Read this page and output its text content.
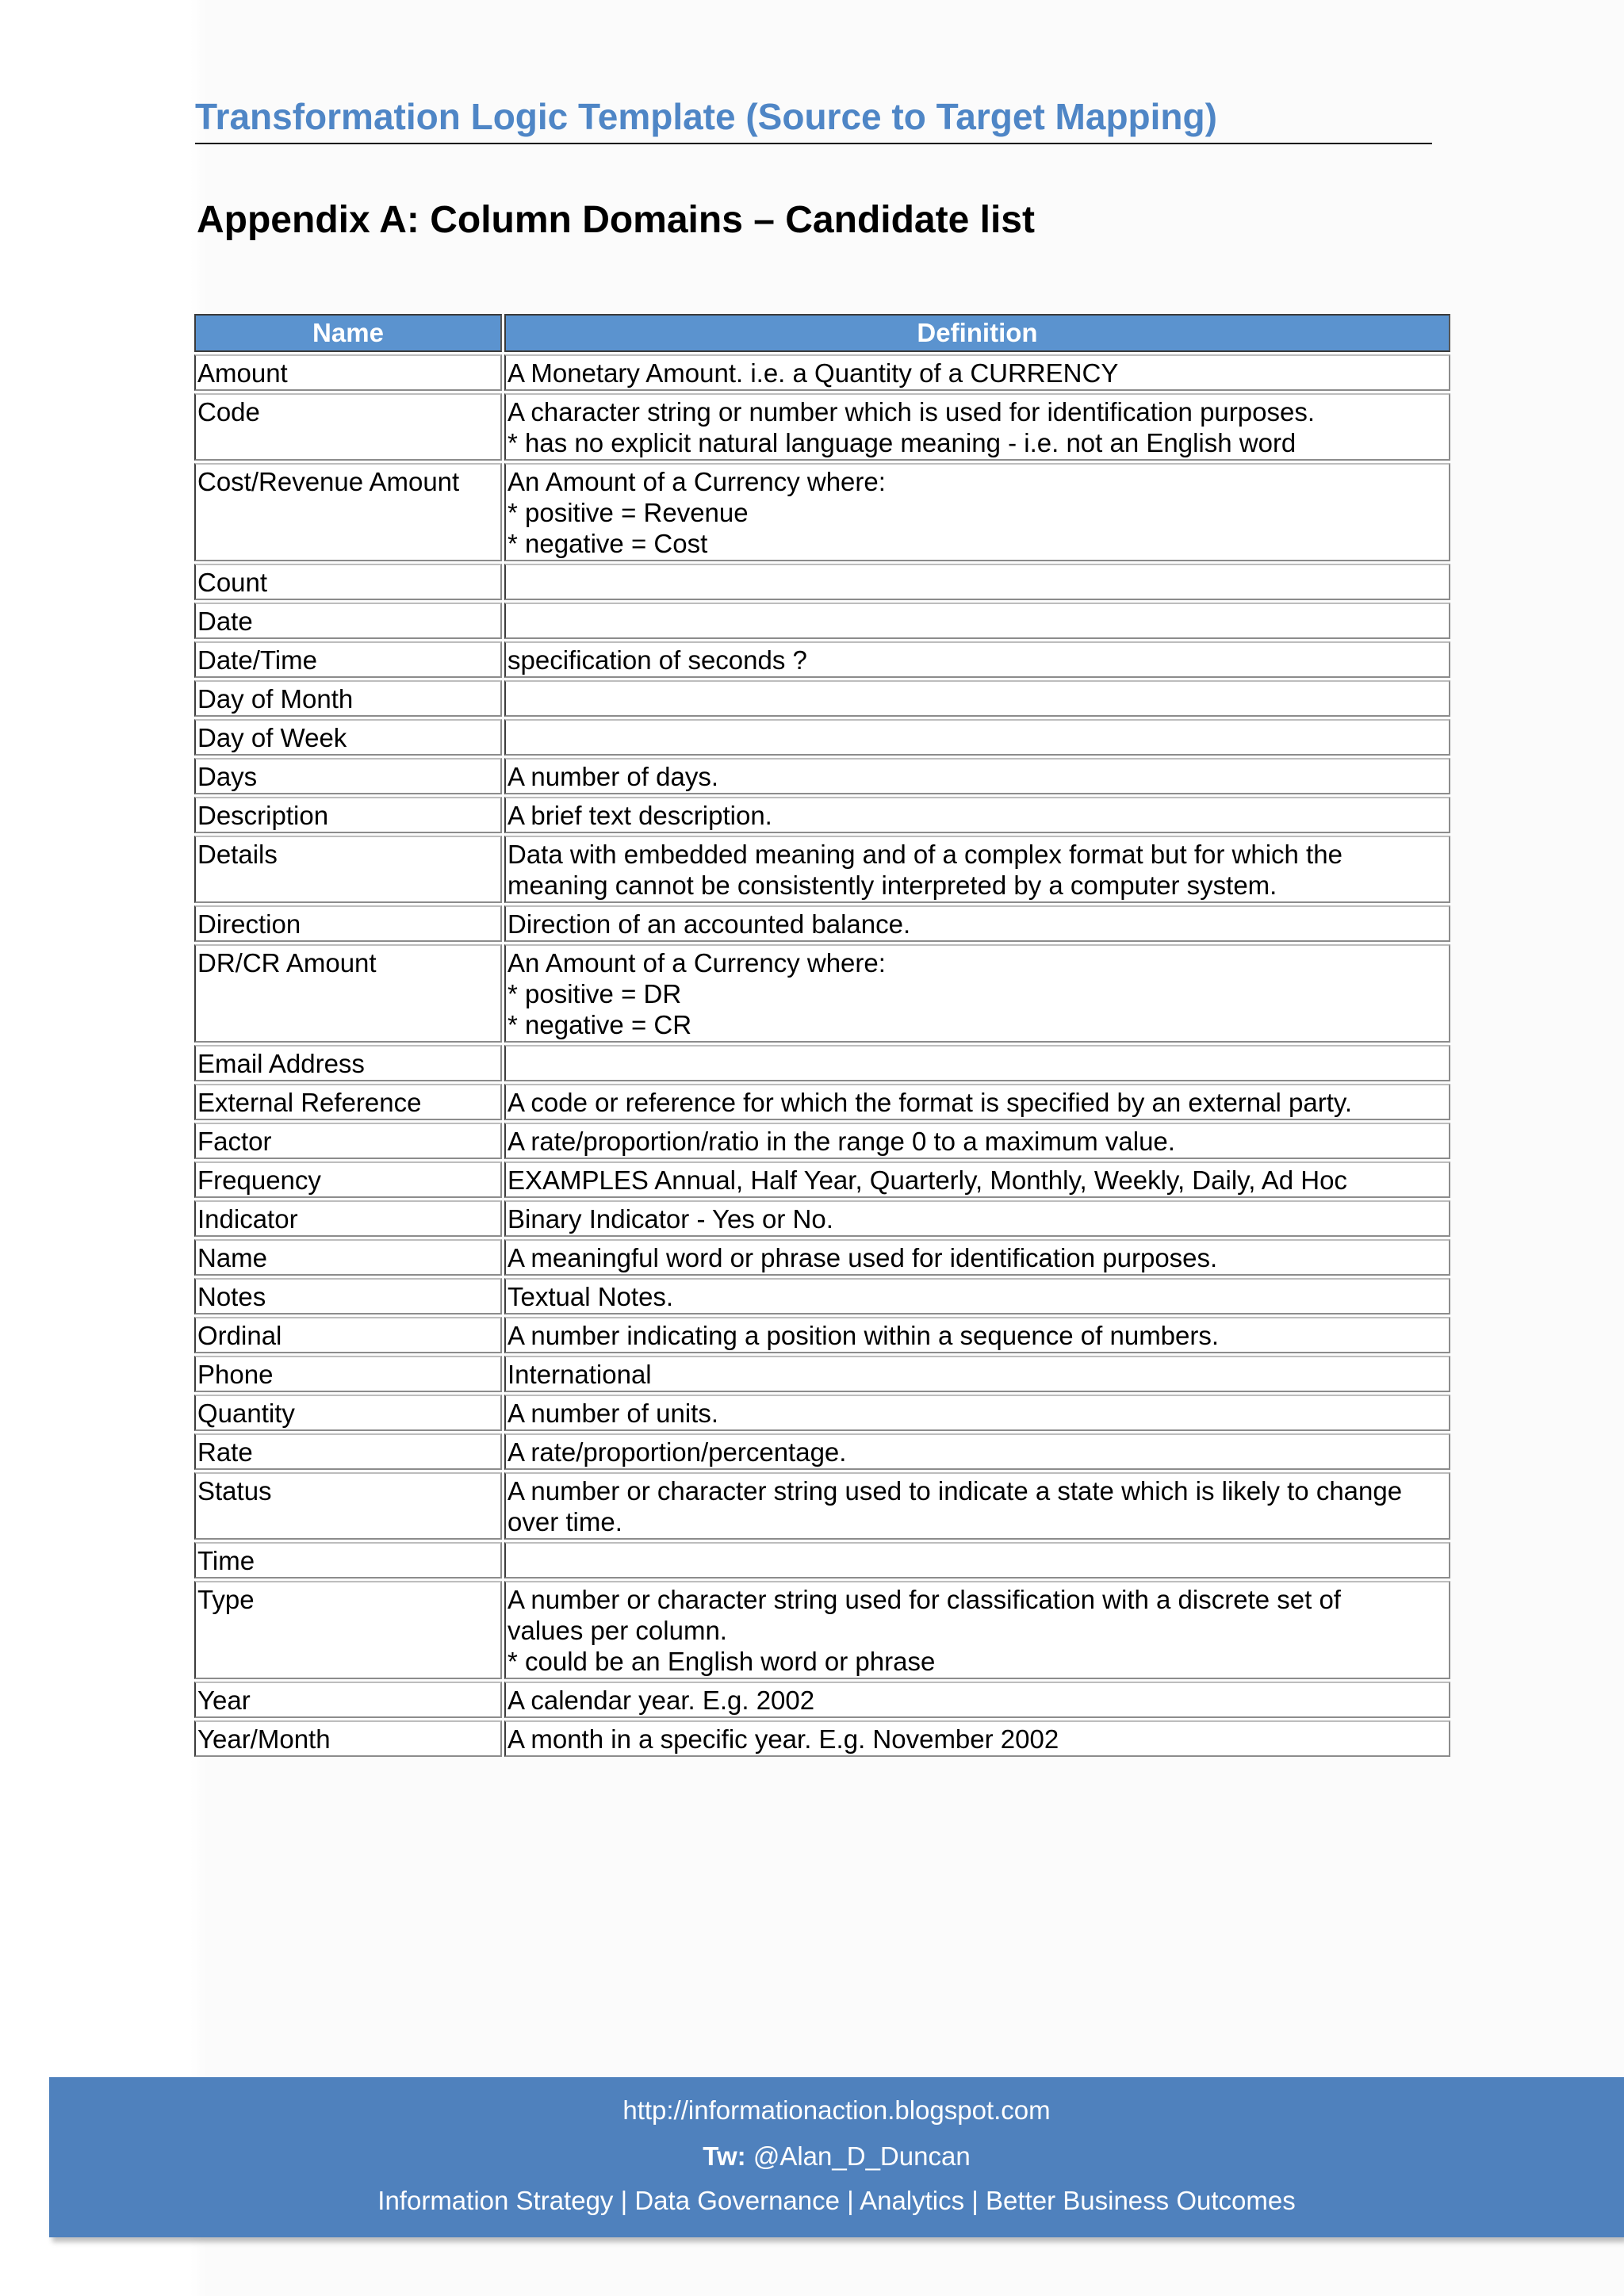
Transformation Logic Template (Source to Target Mapping)
Appendix A: Column Domains – Candidate list
Name	Definition
Amount	A Monetary Amount. i.e. a Quantity of a CURRENCY

Code	A character string or number which is used for identification purposes.
* has no explicit natural language meaning - i.e. not an English word

Cost/Revenue Amount	An Amount of a Currency where:
* positive = Revenue
* negative = Cost

Count	
Date	
Date/Time	specification of seconds ?

Day of Month	
Day of Week	
Days	A number of days.

Description	A brief text description.

Details	Data with embedded meaning and of a complex format but for which the
meaning cannot be consistently interpreted by a computer system.

Direction	Direction of an accounted balance.

DR/CR Amount	An Amount of a Currency where:
* positive = DR
* negative = CR

Email Address	
External Reference	A code or reference for which the format is specified by an external party.

Factor	A rate/proportion/ratio in the range 0 to a maximum value.

Frequency	EXAMPLES Annual, Half Year, Quarterly, Monthly, Weekly, Daily, Ad Hoc

Indicator	Binary Indicator - Yes or No.

Name	A meaningful word or phrase used for identification purposes.

Notes	Textual Notes.

Ordinal	A number indicating a position within a sequence of numbers.

Phone	International

Quantity	A number of units.

Rate	A rate/proportion/percentage.

Status	A number or character string used to indicate a state which is likely to change
over time.

Time	
Type	A number or character string used for classification with a discrete set of
values per column.
* could be an English word or phrase

Year	A calendar year. E.g. 2002

Year/Month	A month in a specific year. E.g. November 2002
http://informationaction.blogspot.com
Tw: @Alan_D_Duncan
Information Strategy | Data Governance | Analytics | Better Business Outcomes
